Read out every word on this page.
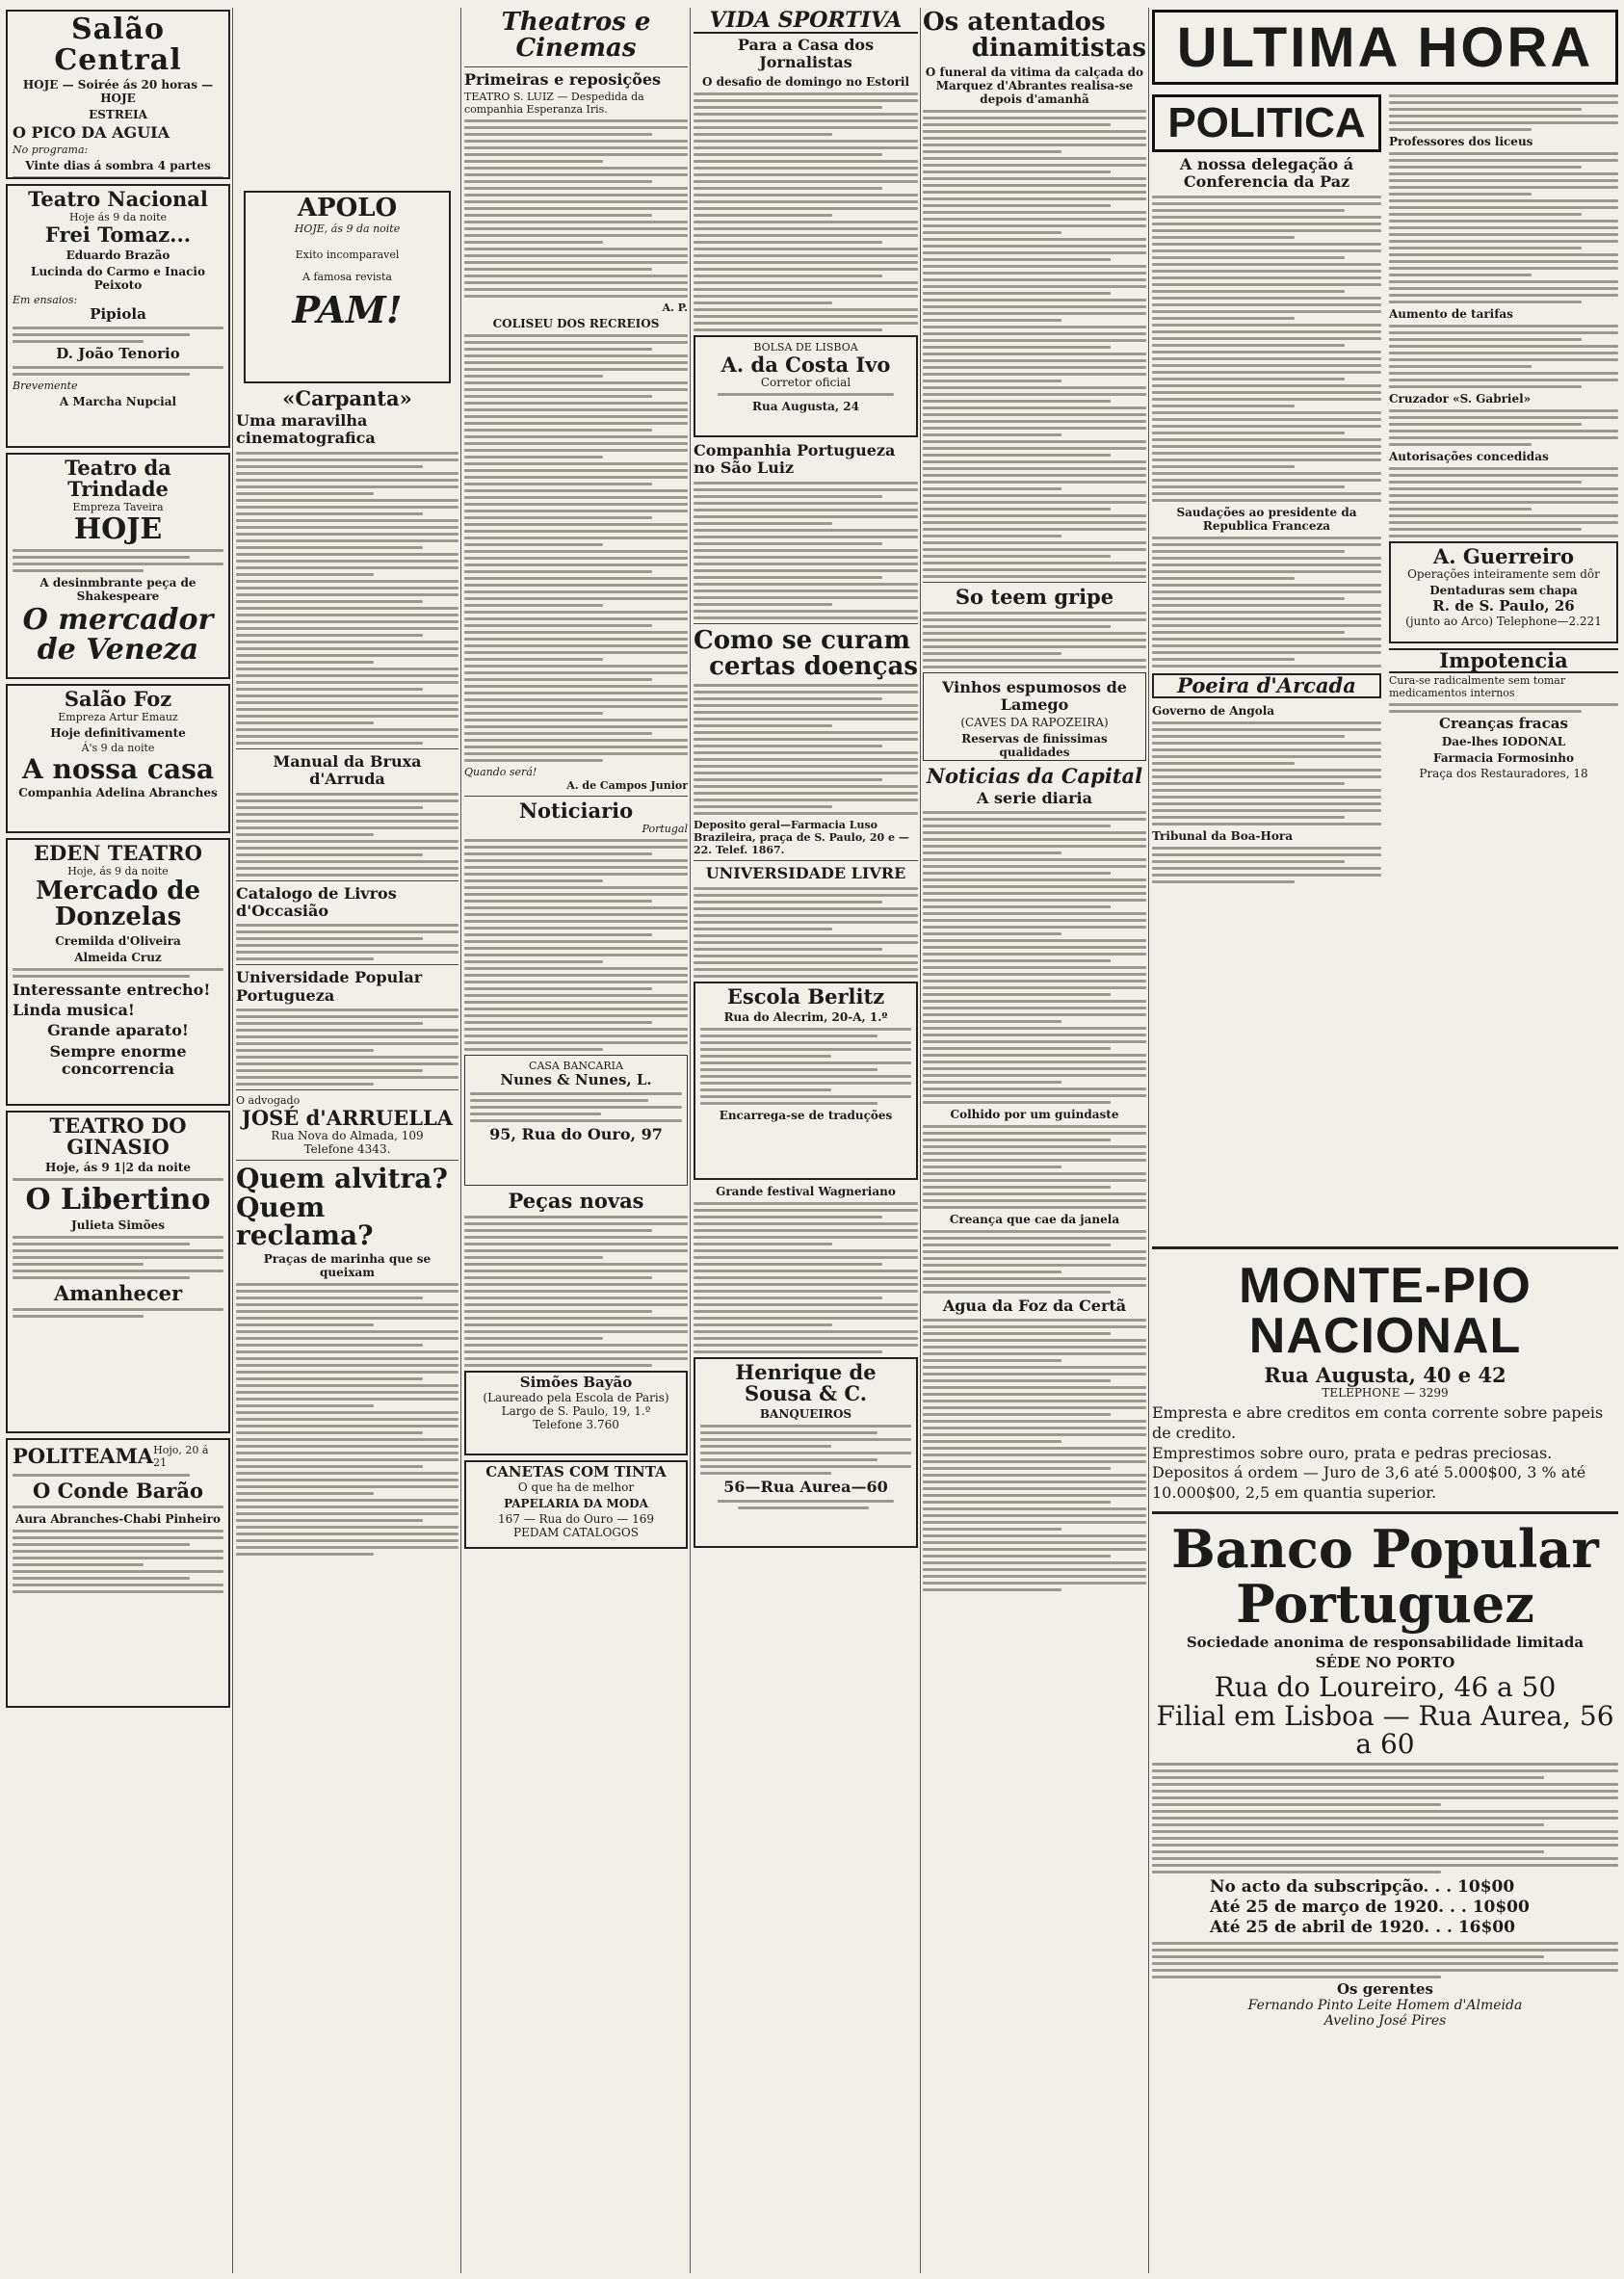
Salão Central
HOJE — Soirée ás 20 horas — HOJE
ESTREIA
O PICO DA AGUIA
No programa:
Vinte dias á sombra 4 partes
Teatro Nacional
Hoje ás 9 da noite
Frei Tomaz...
Eduardo Brazão
Lucinda do Carmo e Inacio Peixoto
Em ensaios:
Pipiola
D. João Tenorio
Brevemente
A Marcha Nupcial
Teatro da Trindade
Empreza Taveira
HOJE
A desinmbrante peça de Shakespeare
O mercador de Veneza
Salão Foz
Empreza Artur Emauz
Hoje definitivamente
Á's 9 da noite
A nossa casa
Companhia Adelina Abranches
EDEN TEATRO
Hoje, ás 9 da noite
Mercado de Donzelas
Cremilda d'Oliveira
Almeida Cruz
Interessante entrecho!
Linda musica!
Grande aparato!
Sempre enorme concorrencia
TEATRO DO GINASIO
Hoje, ás 9 1|2 da noite
O Libertino
Julieta Simões
Amanhecer
POLITEAMA Hojo, 20 á 21
O Conde Barão
Aura Abranches-Chabi Pinheiro
APOLO
HOJE, ás 9 da noite
Exito incomparavel
A famosa revista
PAM!
«Carpanta»
Uma maravilha cinematografica
Manual da Bruxa d'Arruda
Catalogo de Livros d'Occasião
Universidade Popular Portugueza
O advogado
JOSÉ d'ARRUELLA
Rua Nova do Almada, 109
Telefone 4343.
Quem alvitra?
Quem reclama?
Praças de marinha que se queixam
Theatros e Cinemas
Primeiras e reposições
TEATRO S. LUIZ — Despedida da companhia Esperanza Iris.
A. P.
COLISEU DOS RECREIOS
Quando será!
A. de Campos Junior
Noticiario
Portugal
CASA BANCARIA
Nunes & Nunes, L.
95, Rua do Ouro, 97
Peças novas
Simões Bayão
(Laureado pela Escola de Paris)
Largo de S. Paulo, 19, 1.º
Telefone 3.760
CANETAS COM TINTA
O que ha de melhor
PAPELARIA DA MODA
167 — Rua do Ouro — 169
PEDAM CATALOGOS
VIDA SPORTIVA
Para a Casa dos Jornalistas
O desafio de domingo no Estoril
BOLSA DE LISBOA
A. da Costa Ivo
Corretor oficial
Rua Augusta, 24
Companhia Portugueza no São Luiz
Como se curam
certas doenças
Deposito geral—Farmacia Luso Brazileira, praça de S. Paulo, 20 e —22. Telef. 1867.
UNIVERSIDADE LIVRE
Escola Berlitz
Rua do Alecrim, 20-A, 1.º
Encarrega-se de traduções
Grande festival Wagneriano
Henrique de Sousa & C.
BANQUEIROS
56—Rua Aurea—60
Os atentados
dinamitistas
O funeral da vitima da calçada do Marquez d'Abrantes realisa-se depois d'amanhã
So teem gripe
Vinhos espumosos de Lamego
(CAVES DA RAPOZEIRA)
Reservas de finissimas qualidades
Noticias da Capital
A serie diaria
Colhido por um guindaste
Creança que cae da janela
Agua da Foz da Certã
ULTIMA HORA
POLITICA
A nossa delegação á Conferencia da Paz
Saudações ao presidente da Republica Franceza
Poeira d'Arcada
Governo de Angola
Tribunal da Boa-Hora
Professores dos liceus
Aumento de tarifas
Cruzador «S. Gabriel»
Autorisações concedidas
A. Guerreiro
Operações inteiramente sem dôr
Dentaduras sem chapa
R. de S. Paulo, 26
(junto ao Arco) Telephone—2.221
Impotencia
Cura-se radicalmente sem tomar medicamentos internos
Creanças fracas
Dae-lhes IODONAL
Farmacia Formosinho
Praça dos Restauradores, 18
MONTE-PIO NACIONAL
Rua Augusta, 40 e 42
TELEPHONE — 3299
Empresta e abre creditos em conta corrente sobre papeis de credito.
Emprestimos sobre ouro, prata e pedras preciosas.
Depositos á ordem — Juro de 3,6 até 5.000$00, 3 % até 10.000$00, 2,5 em quantia superior.
Banco Popular
Portuguez
Sociedade anonima de responsabilidade limitada
SÉDE NO PORTO
Rua do Loureiro, 46 a 50
Filial em Lisboa — Rua Aurea, 56 a 60
No acto da subscripção. . . 10$00
Até 25 de março de 1920. . . 10$00
Até 25 de abril de 1920. . . 16$00
Os gerentes
Fernando Pinto Leite Homem d'Almeida
Avelino José Pires
